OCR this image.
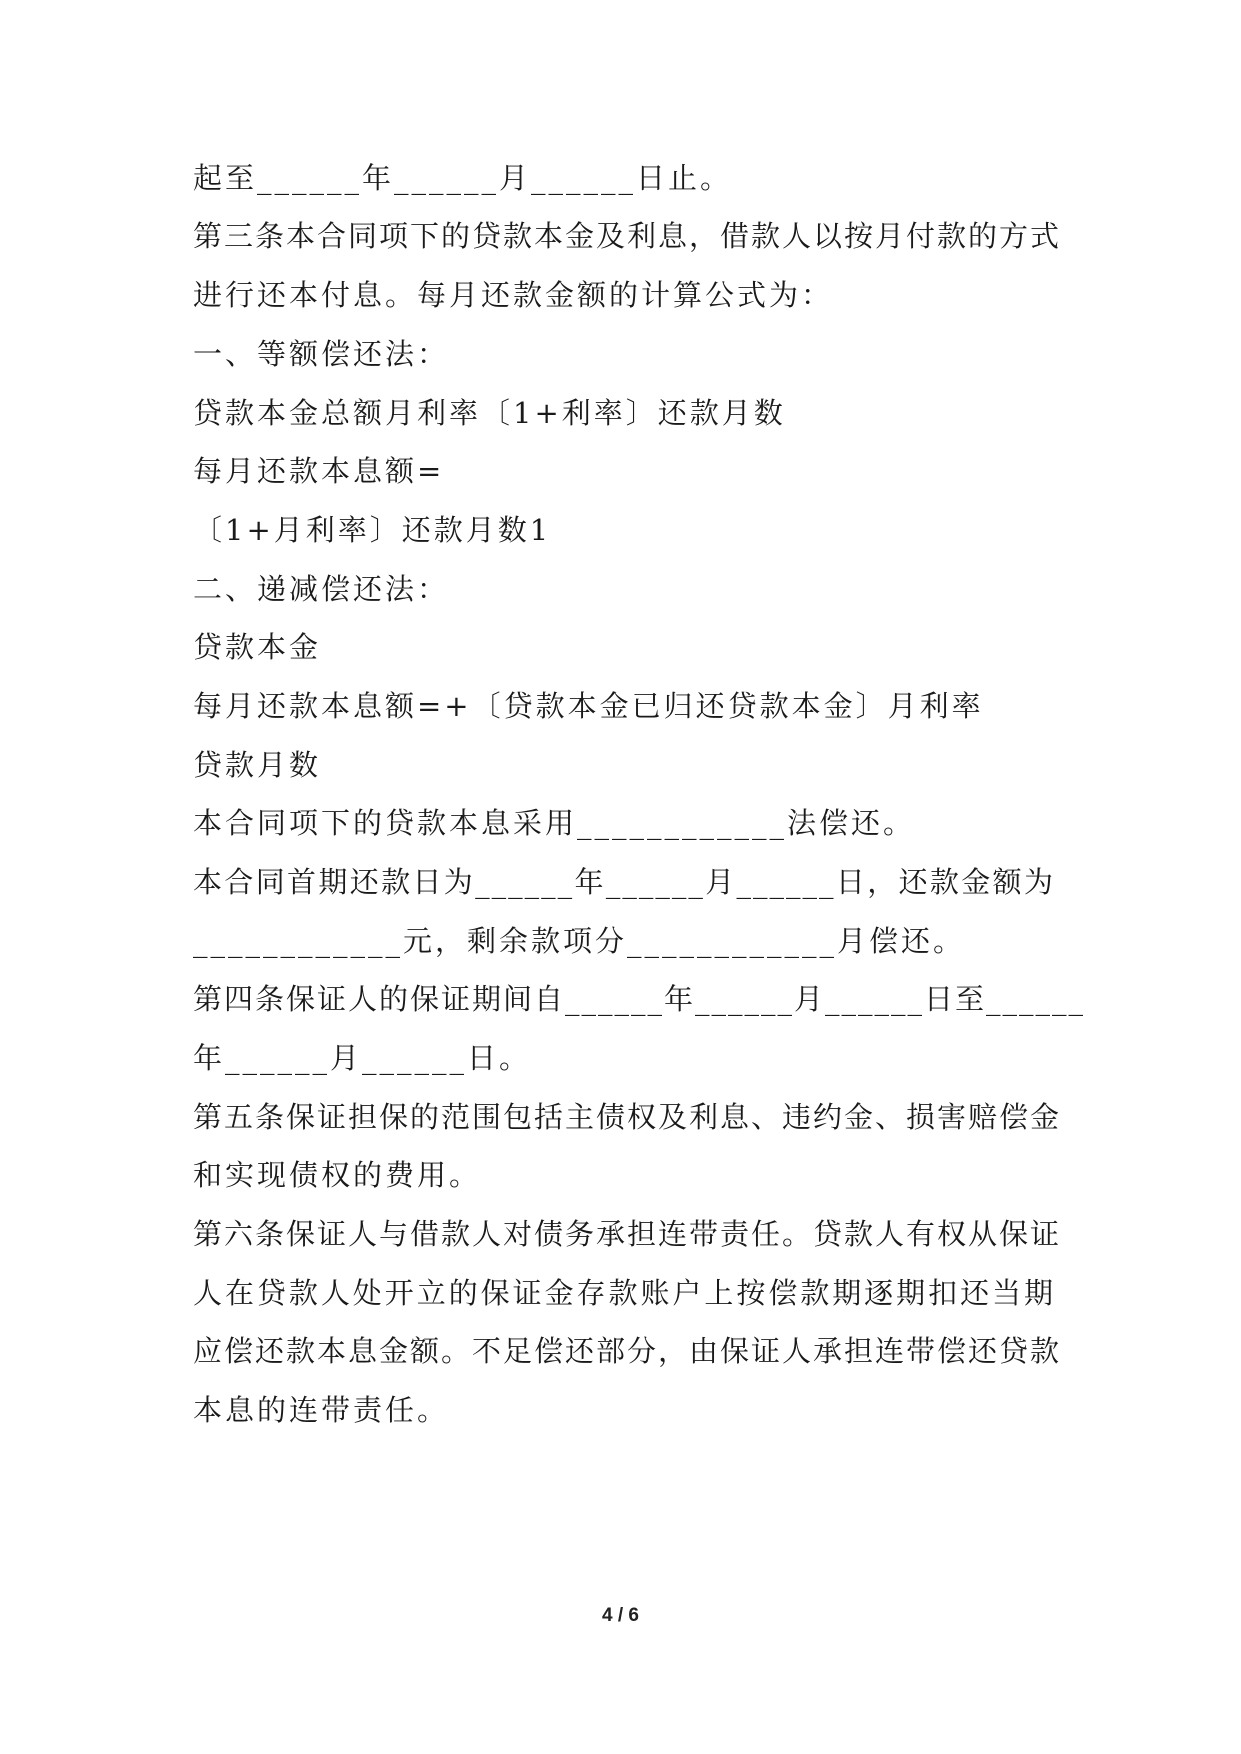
起至______年______月______日止。
第三条本合同项下的贷款本金及利息，借款人以按月付款的方式
进行还本付息。每月还款金额的计算公式为：
一、等额偿还法：
贷款本金总额月利率〔1+利率〕还款月数
每月还款本息额=
〔1+月利率〕还款月数1
二、递减偿还法：
贷款本金
每月还款本息额=+〔贷款本金已归还贷款本金〕月利率
贷款月数
本合同项下的贷款本息采用____________法偿还。
本合同首期还款日为______年______月______日，还款金额为
____________元，剩余款项分____________月偿还。
第四条保证人的保证期间自______年______月______日至______
年______月______日。
第五条保证担保的范围包括主债权及利息、违约金、损害赔偿金
和实现债权的费用。
第六条保证人与借款人对债务承担连带责任。贷款人有权从保证
人在贷款人处开立的保证金存款账户上按偿款期逐期扣还当期
应偿还款本息金额。不足偿还部分，由保证人承担连带偿还贷款
本息的连带责任。
4 / 6
